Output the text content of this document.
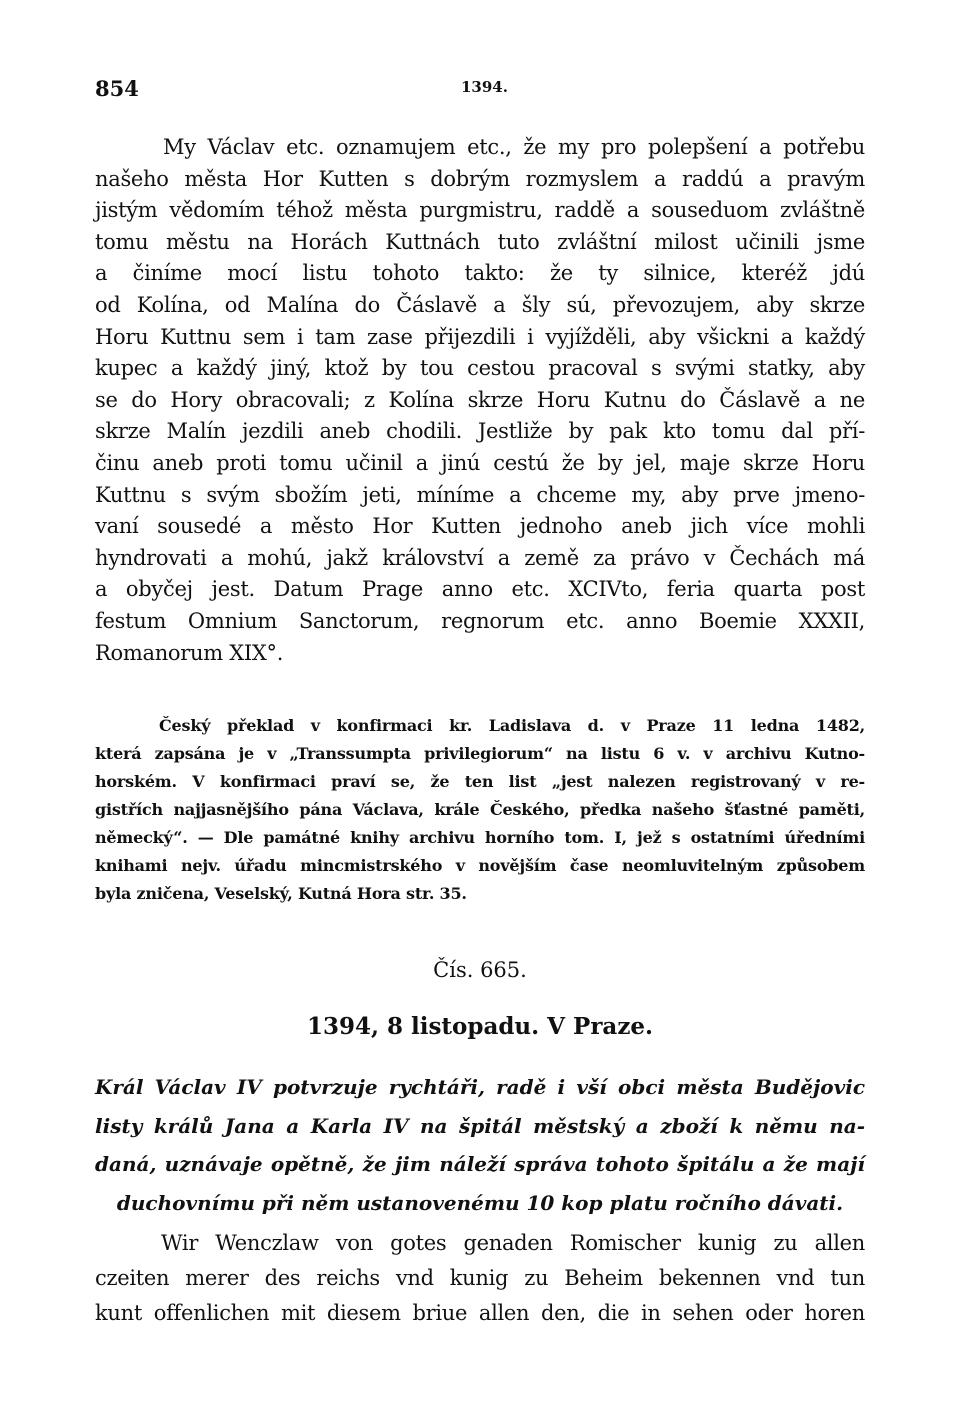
854	1394.
My Václav etc. oznamujem etc., že my pro polepšení a potřebu
našeho města Hor Kutten s dobrým rozmyslem a raddú a pravým
jistým vědomím téhož města purgmistru, raddě a souseduom zvláštně
tomu městu na Horách Kuttnách tuto zvláštní milost učinili jsme
a činíme mocí listu tohoto takto: že ty silnice, kteréž jdú
od Kolína, od Malína do Čáslavě a šly sú, převozujem, aby skrze
Horu Kuttnu sem i tam zase přijezdili i vyjížděli, aby všickni a každý
kupec a každý jiný, ktož by tou cestou pracoval s svými statky, aby
se do Hory obracovali; z Kolína skrze Horu Kutnu do Čáslavě a ne
skrze Malín jezdili aneb chodili. Jestliže by pak kto tomu dal pří-
činu aneb proti tomu učinil a jinú cestú že by jel, maje skrze Horu
Kuttnu s svým sbožím jeti, míníme a chceme my, aby prve jmeno-
vaní sousedé a město Hor Kutten jednoho aneb jich více mohli
hyndrovati a mohú, jakž království a země za právo v Čechách má
a obyčej jest. Datum Prage anno etc. XCIVto, feria quarta post
festum Omnium Sanctorum, regnorum etc. anno Boemie XXXII,
Romanorum XIX°.
Český překlad v konfirmaci kr. Ladislava d. v Praze 11 ledna 1482,
která zapsána je v „Transsumpta privilegiorum“ na listu 6 v. v archivu Kutno-
horském. V konfirmaci praví se, že ten list „jest nalezen registrovaný v re-
gistřích najjasnějšího pána Václava, krále Českého, předka našeho šťastné paměti,
německý“. — Dle památné knihy archivu horního tom. I, jež s ostatními úředními
knihami nejv. úřadu mincmistrského v novějším čase neomluvitelným způsobem
byla zničena, Veselský, Kutná Hora str. 35.
Čís. 665.
1394, 8 listopadu. V Praze.
Král Václav IV potvrzuje rychtáři, radě i vší obci města Budějovic
listy králů Jana a Karla IV na špitál městský a zboží k němu na-
daná, uznávaje opětně, že jim náleží správa tohoto špitálu a že mají
duchovnímu při něm ustanovenému 10 kop platu ročního dávati.
Wir Wenczlaw von gotes genaden Romischer kunig zu allen
czeiten merer des reichs vnd kunig zu Beheim bekennen vnd tun
kunt offenlichen mit diesem briue allen den, die in sehen oder horen
